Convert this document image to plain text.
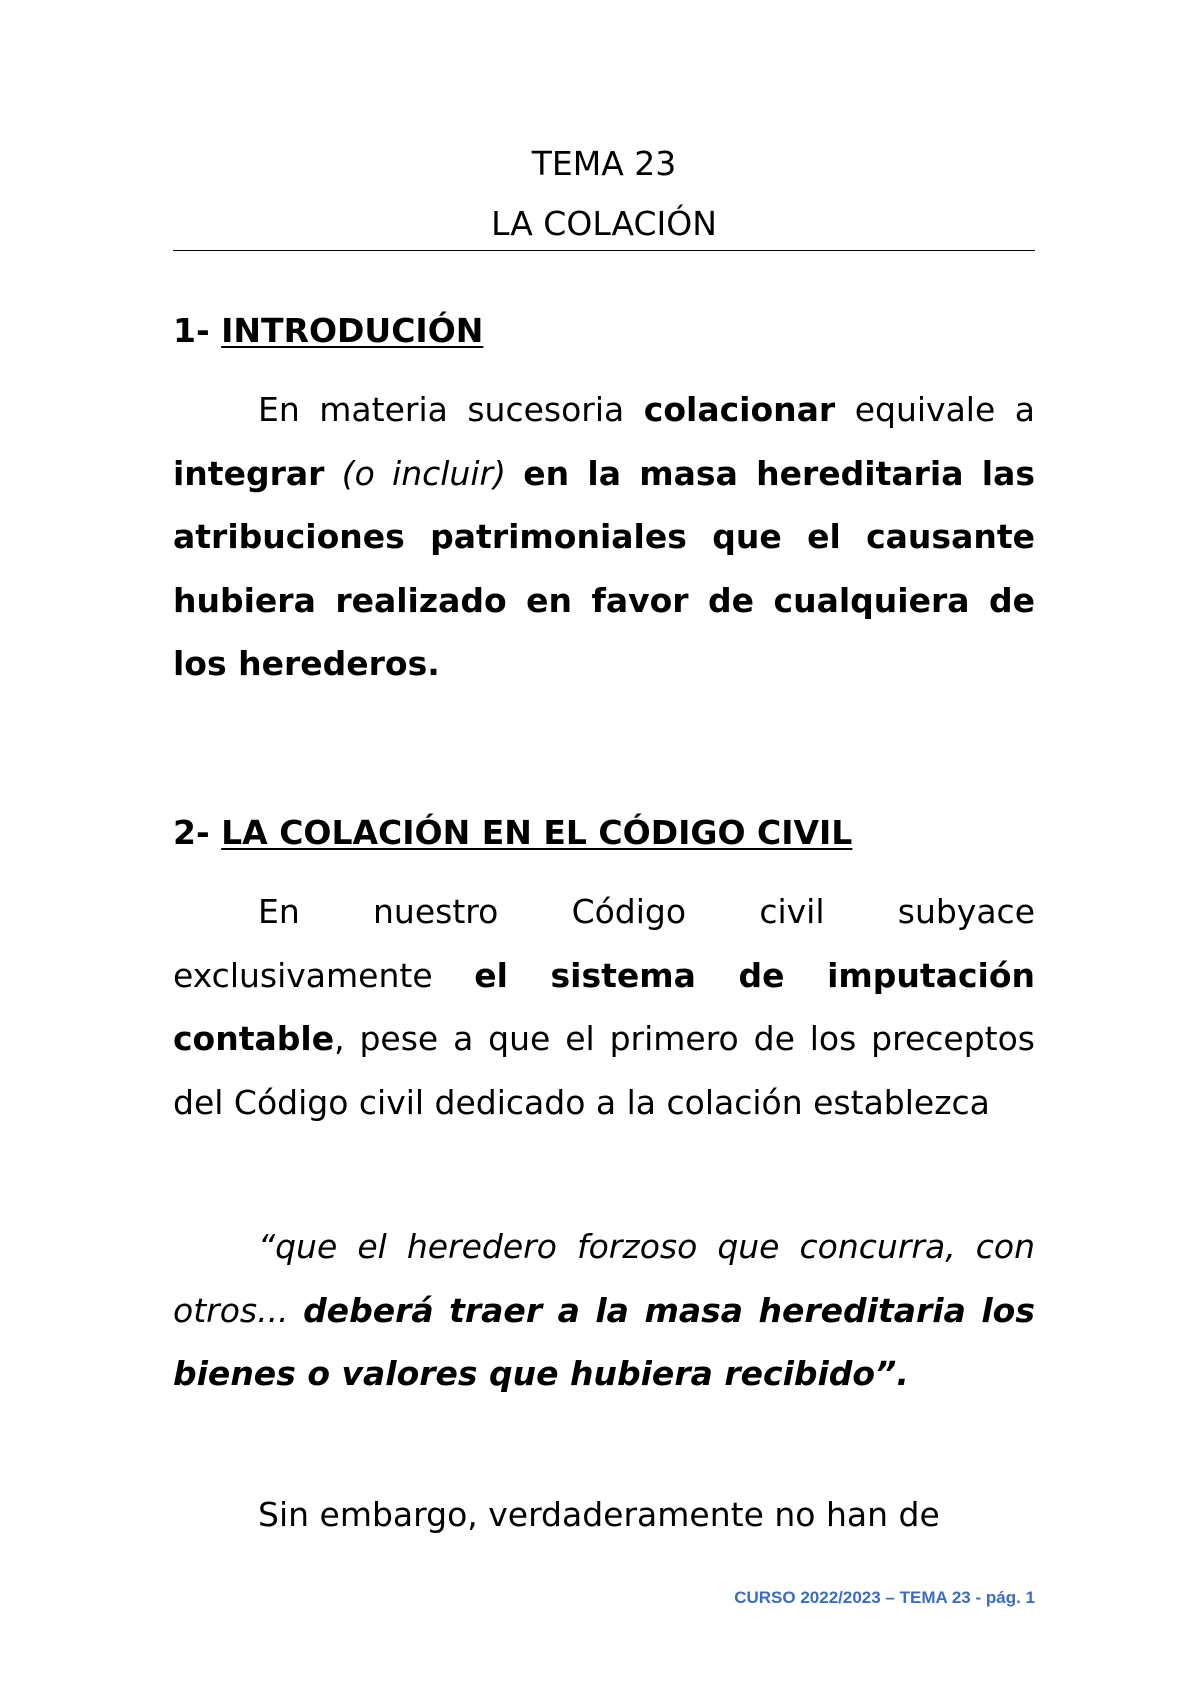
TEMA 23
LA COLACIÓN
1- INTRODUCIÓN
En materia sucesoria colacionar equivale a integrar (o incluir) en la masa hereditaria las atribuciones patrimoniales que el causante hubiera realizado en favor de cualquiera de los herederos.
2- LA COLACIÓN EN EL CÓDIGO CIVIL
En nuestro Código civil subyace exclusivamente el sistema de imputación contable, pese a que el primero de los preceptos del Código civil dedicado a la colación establezca
“que el heredero forzoso que concurra, con otros... deberá traer a la masa hereditaria los bienes o valores que hubiera recibido”.
Sin embargo, verdaderamente no han de
CURSO 2022/2023 – TEMA 23 - pág. 1
